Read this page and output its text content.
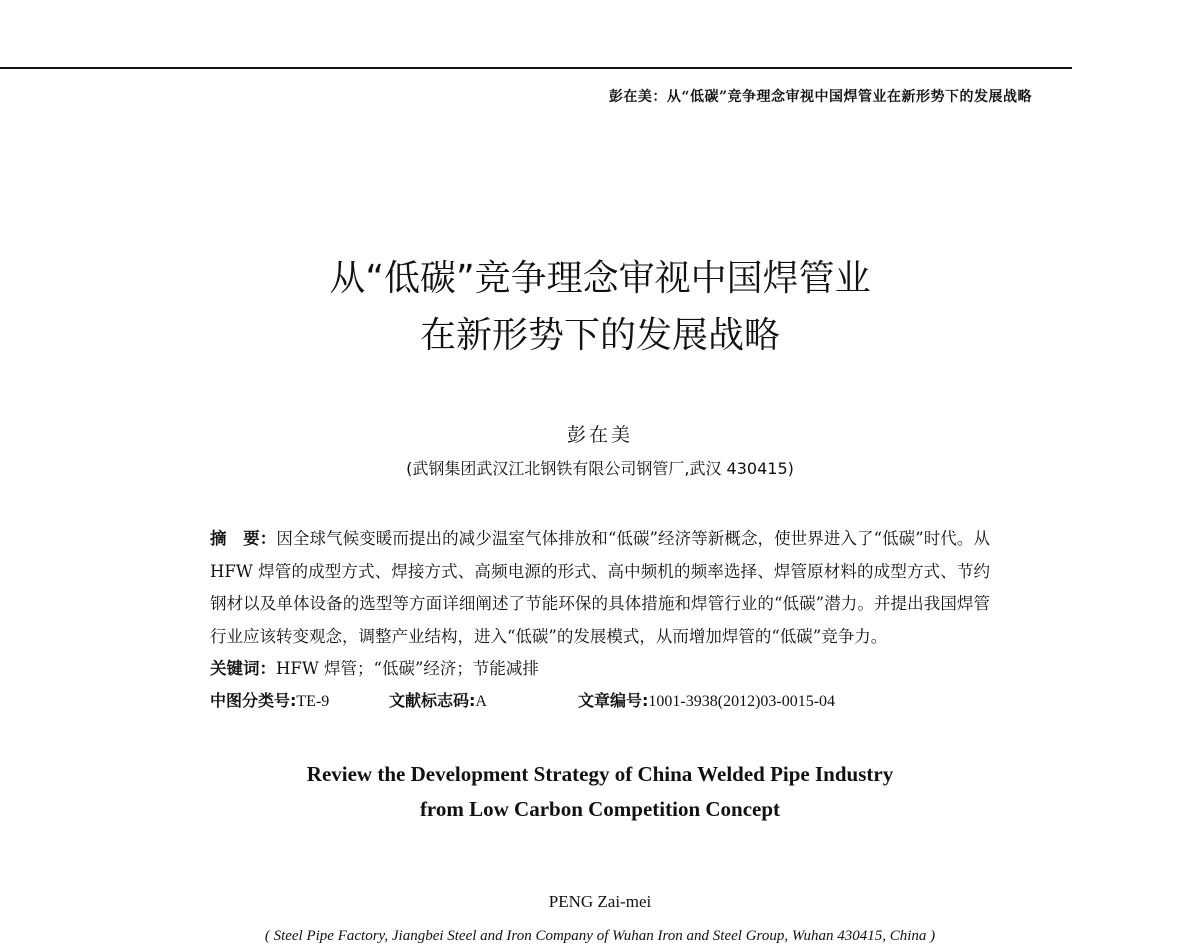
彭在美：从“低碳”竞争理念审视中国焊管业在新形势下的发展战略
从“低碳”竞争理念审视中国焊管业
在新形势下的发展战略
彭在美
(武钢集团武汉江北钢铁有限公司钢管厂,武汉 430415)
摘　要：因全球气候变暖而提出的减少温室气体排放和“低碳”经济等新概念，使世界进入了“低碳”时代。从 HFW 焊管的成型方式、焊接方式、高频电源的形式、高中频机的频率选择、焊管原材料的成型方式、节约钢材以及单体设备的选型等方面详细阐述了节能环保的具体措施和焊管行业的“低碳”潜力。并提出我国焊管行业应该转变观念，调整产业结构，进入“低碳”的发展模式，从而增加焊管的“低碳”竞争力。
关键词：HFW 焊管；“低碳”经济；节能减排
中图分类号:TE-9	文献标志码:A	文章编号:1001-3938(2012)03-0015-04
Review the Development Strategy of China Welded Pipe Industry
from Low Carbon Competition Concept
PENG Zai-mei
( Steel Pipe Factory, Jiangbei Steel and Iron Company of Wuhan Iron and Steel Group, Wuhan 430415, China )
